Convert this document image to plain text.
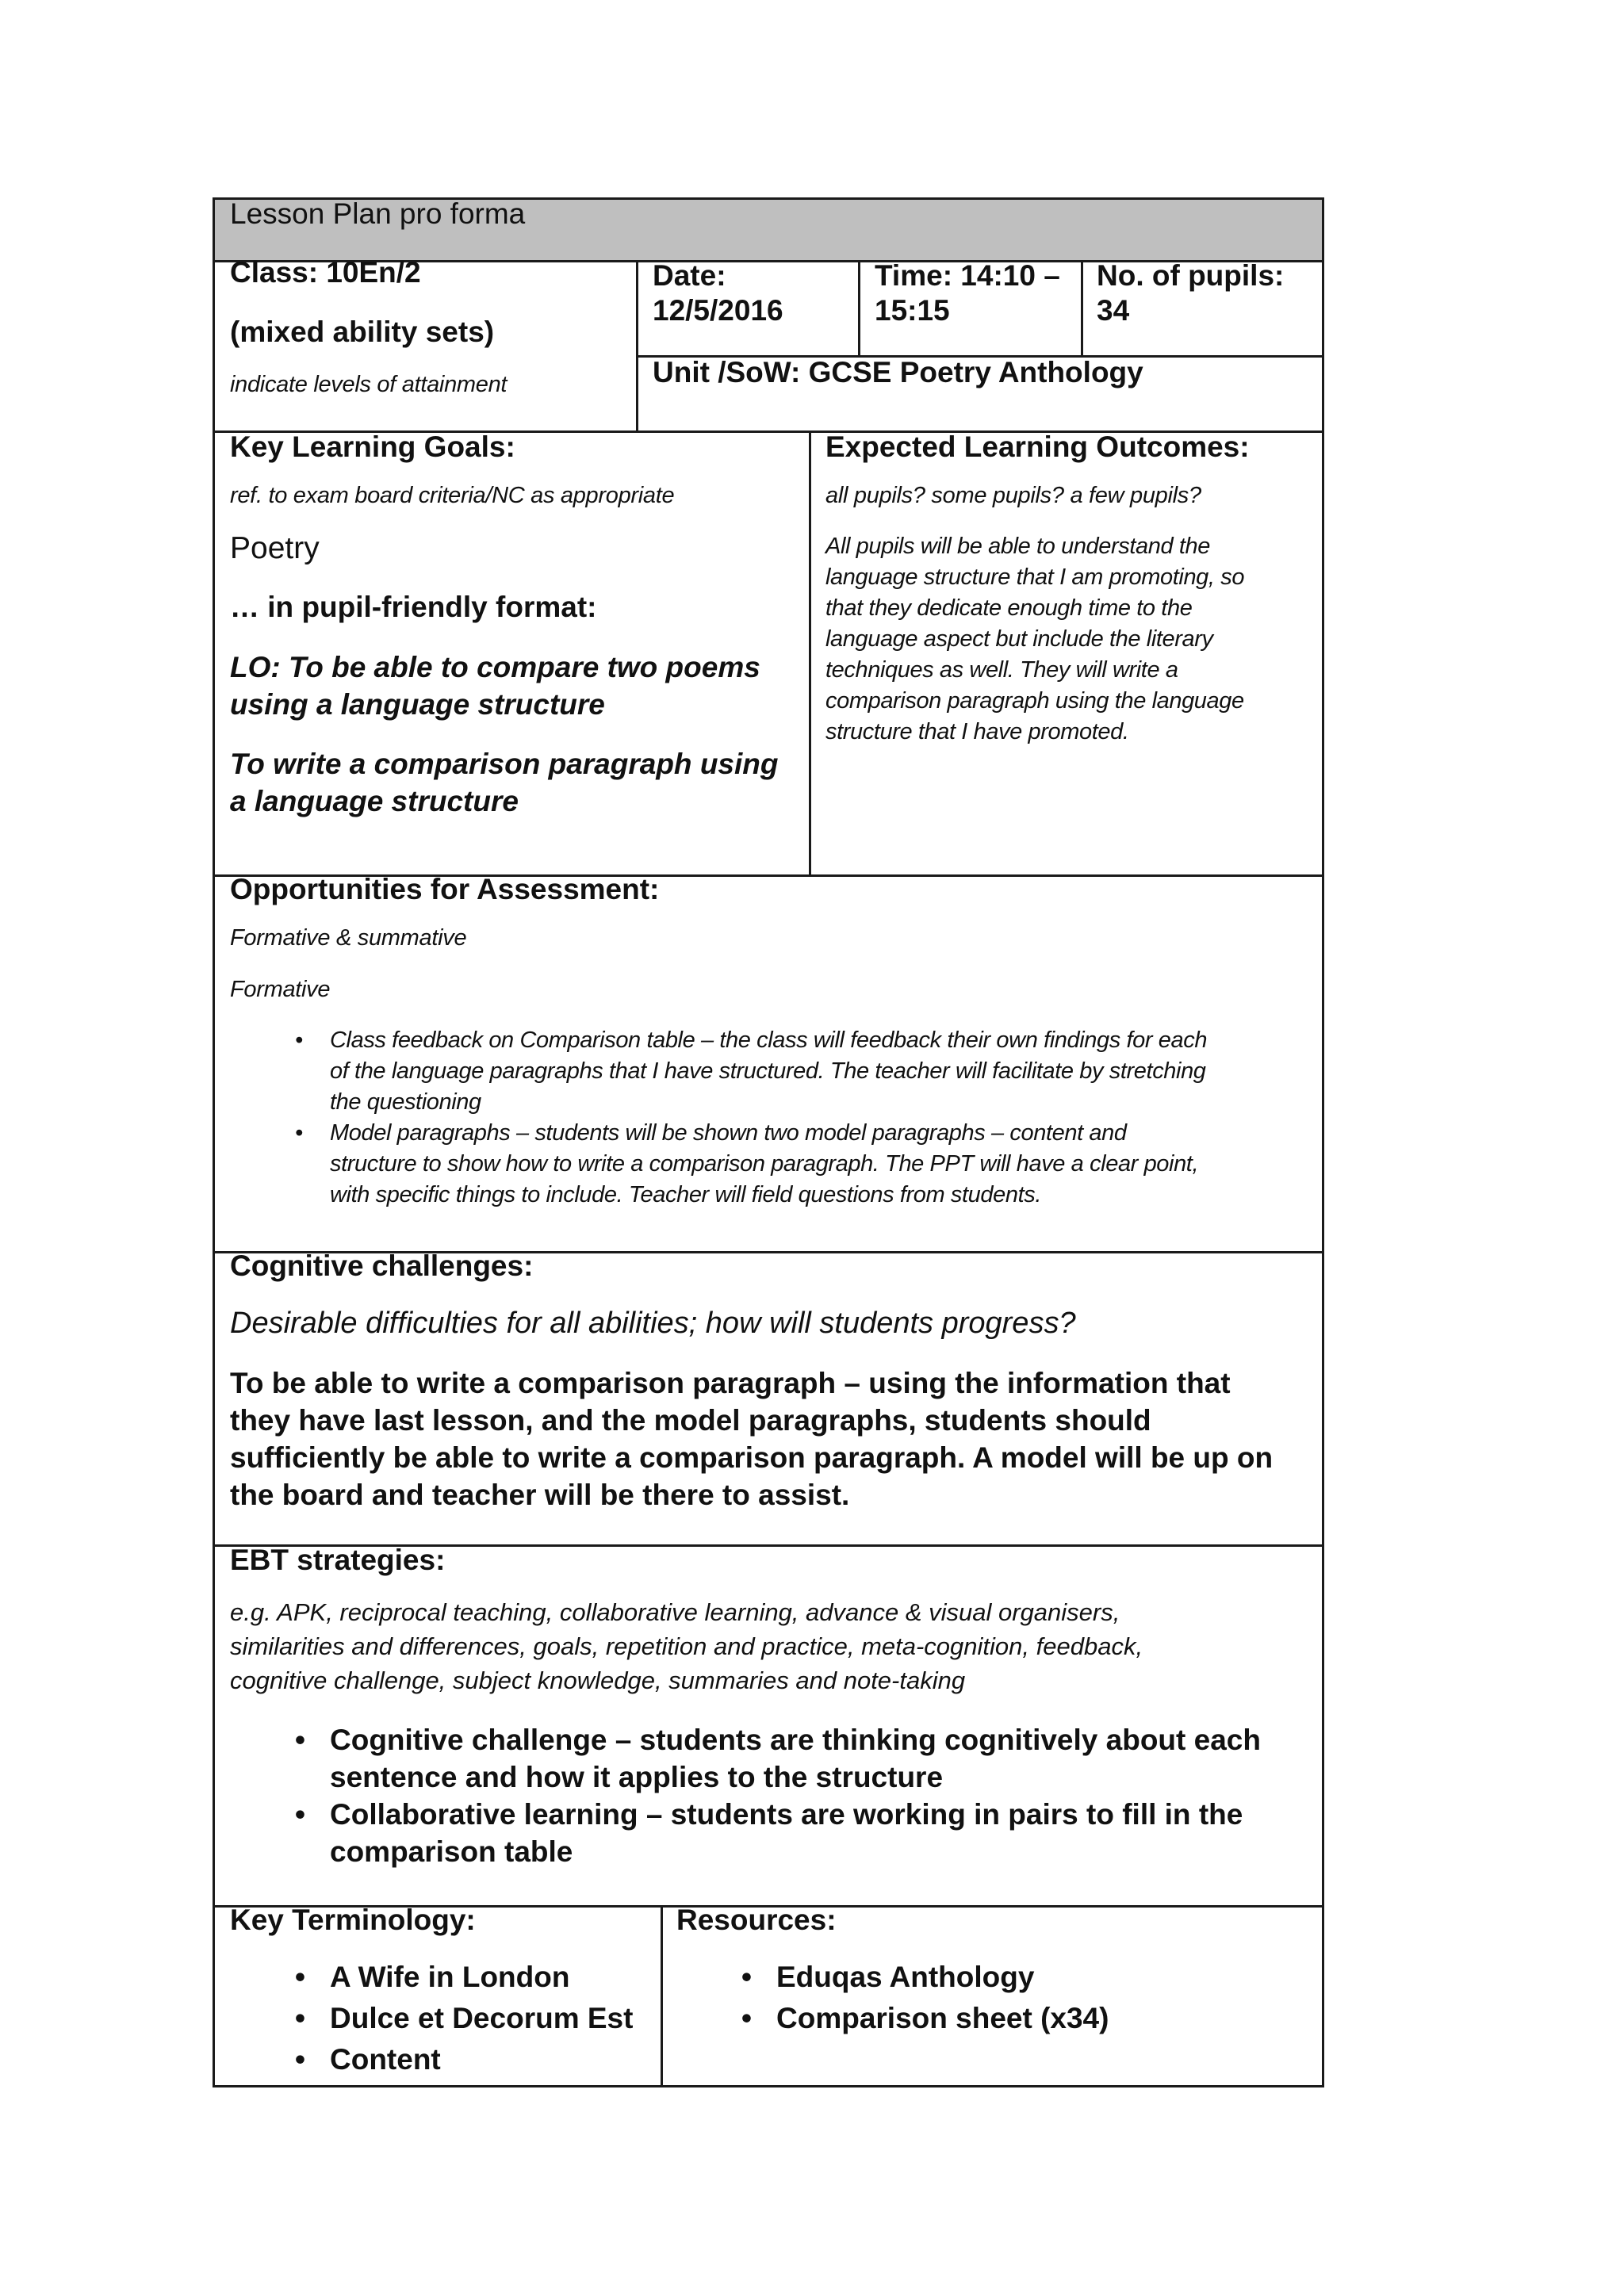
Lesson Plan pro forma
Class: 10En/2
(mixed ability sets)
indicate levels of attainment
Date:
12/5/2016
Time: 14:10 –
15:15
No. of pupils:
34
Unit /SoW: GCSE Poetry Anthology
Key Learning Goals:
ref. to exam board criteria/NC as appropriate
Poetry
… in pupil-friendly format:
LO: To be able to compare two poems
using a language structure
To write a comparison paragraph using
a language structure
Expected Learning Outcomes:
all pupils? some pupils? a few pupils?
All pupils will be able to understand the
language structure that I am promoting, so
that they dedicate enough time to the
language aspect but include the literary
techniques as well. They will write a
comparison paragraph using the language
structure that I have promoted.
Opportunities for Assessment:
Formative & summative
Formative
• Class feedback on Comparison table – the class will feedback their own findings for each
of the language paragraphs that I have structured. The teacher will facilitate by stretching
the questioning
• Model paragraphs – students will be shown two model paragraphs – content and
structure to show how to write a comparison paragraph. The PPT will have a clear point,
with specific things to include. Teacher will field questions from students.
Cognitive challenges:
Desirable difficulties for all abilities; how will students progress?
To be able to write a comparison paragraph – using the information that
they have last lesson, and the model paragraphs, students should
sufficiently be able to write a comparison paragraph. A model will be up on
the board and teacher will be there to assist.
EBT strategies:
e.g. APK, reciprocal teaching, collaborative learning, advance & visual organisers,
similarities and differences, goals, repetition and practice, meta-cognition, feedback,
cognitive challenge, subject knowledge, summaries and note-taking
• Cognitive challenge – students are thinking cognitively about each
sentence and how it applies to the structure
• Collaborative learning – students are working in pairs to fill in the
comparison table
Key Terminology:
• A Wife in London
• Dulce et Decorum Est
• Content
Resources:
• Eduqas Anthology
• Comparison sheet (x34)
